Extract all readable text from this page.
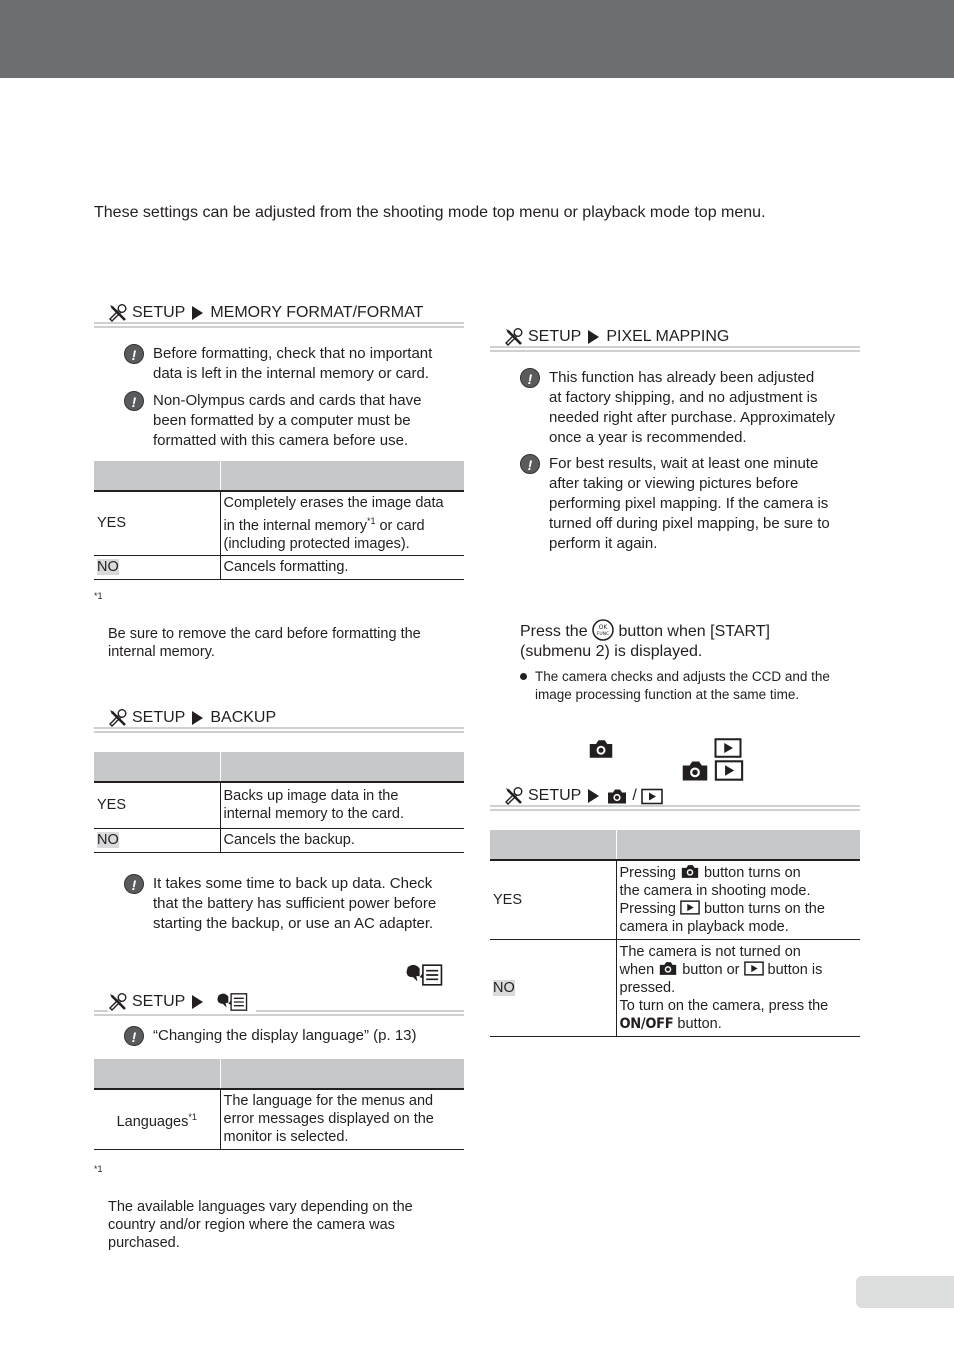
These settings can be adjusted from the shooting mode top menu or playback mode top menu.
SETUP MEMORY FORMAT/FORMAT
!	Before formatting, check that no important
data is left in the internal memory or card.
!	Non-Olympus cards and cards that have
been formatted by a computer must be
formatted with this camera before use.

YES	Completely erases the image data
in the internal memory$^{*1}$ or card
(including protected images).
NO	Cancels formatting.

*1

Be sure to remove the card before formatting the
internal memory.

SETUP BACKUP

YES	Backs up image data in the
internal memory to the card.
NO	Cancels the backup.
!	It takes some time to back up data. Check
that the battery has sufficient power before
starting the backup, or use an AC adapter.
SETUP
!	“Changing the display language” (p. 13)

Languages$^{*1}$	The language for the menus and
error messages displayed on the
monitor is selected.

*1

The available languages vary depending on the
country and/or region where the camera was
purchased.

SETUP PIXEL MAPPING
!	This function has already been adjusted
at factory shipping, and no adjustment is
needed right after purchase. Approximately
once a year is recommended.
!	For best results, wait at least one minute
after taking or viewing pictures before
performing pixel mapping. If the camera is
turned off during pixel mapping, be sure to
perform it again.
Press the button when [START]
(submenu 2) is displayed.
The camera checks and adjusts the CCD and the
image processing function at the same time.
SETUP	/

YES	Pressing button turns on
the camera in shooting mode.
Pressing button turns on the
camera in playback mode.

NO	The camera is not turned on
when button or button is
pressed.
To turn on the camera, press the
ON/OFF button.
